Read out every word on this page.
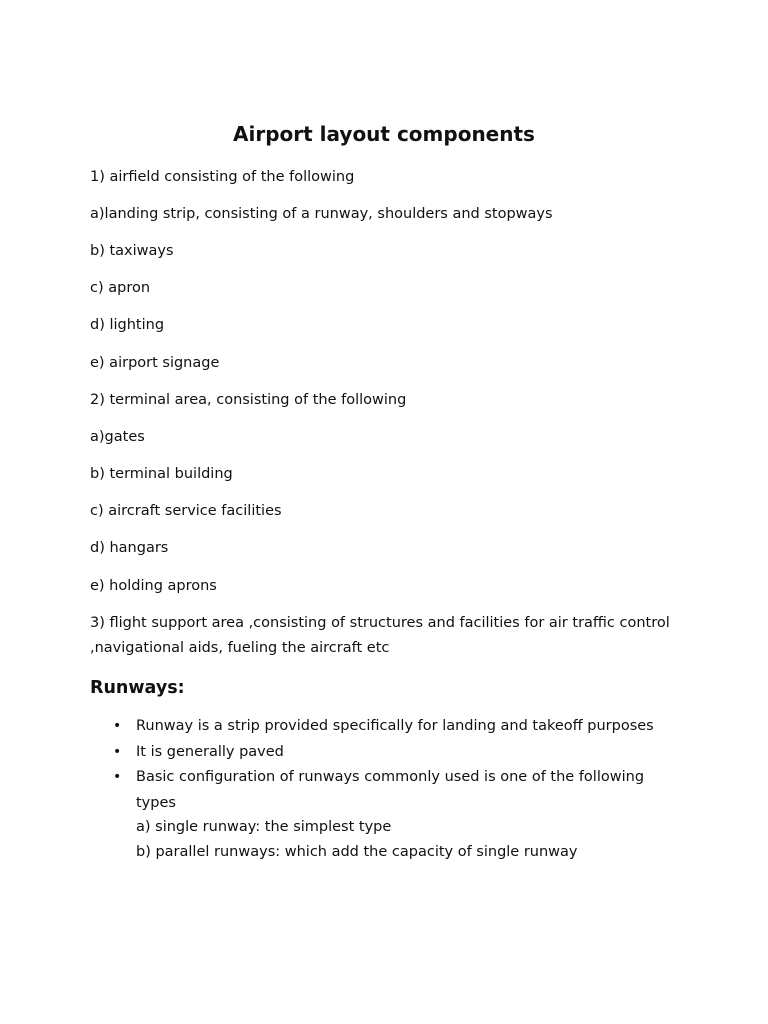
Airport layout components
1) airfield consisting of the following
a)landing strip, consisting of a runway, shoulders and stopways
b) taxiways
c) apron
d) lighting
e) airport signage
2) terminal area, consisting of the following
a)gates
b) terminal building
c) aircraft service facilities
d) hangars
e) holding aprons
3) flight support area ,consisting of structures and facilities for air traffic control
,navigational aids, fueling the aircraft etc
Runways:
• Runway is a strip provided specifically for landing and takeoff purposes
• It is generally paved
• Basic configuration of runways commonly used is one of the following
types
a) single runway: the simplest type
b) parallel runways: which add the capacity of single runway
